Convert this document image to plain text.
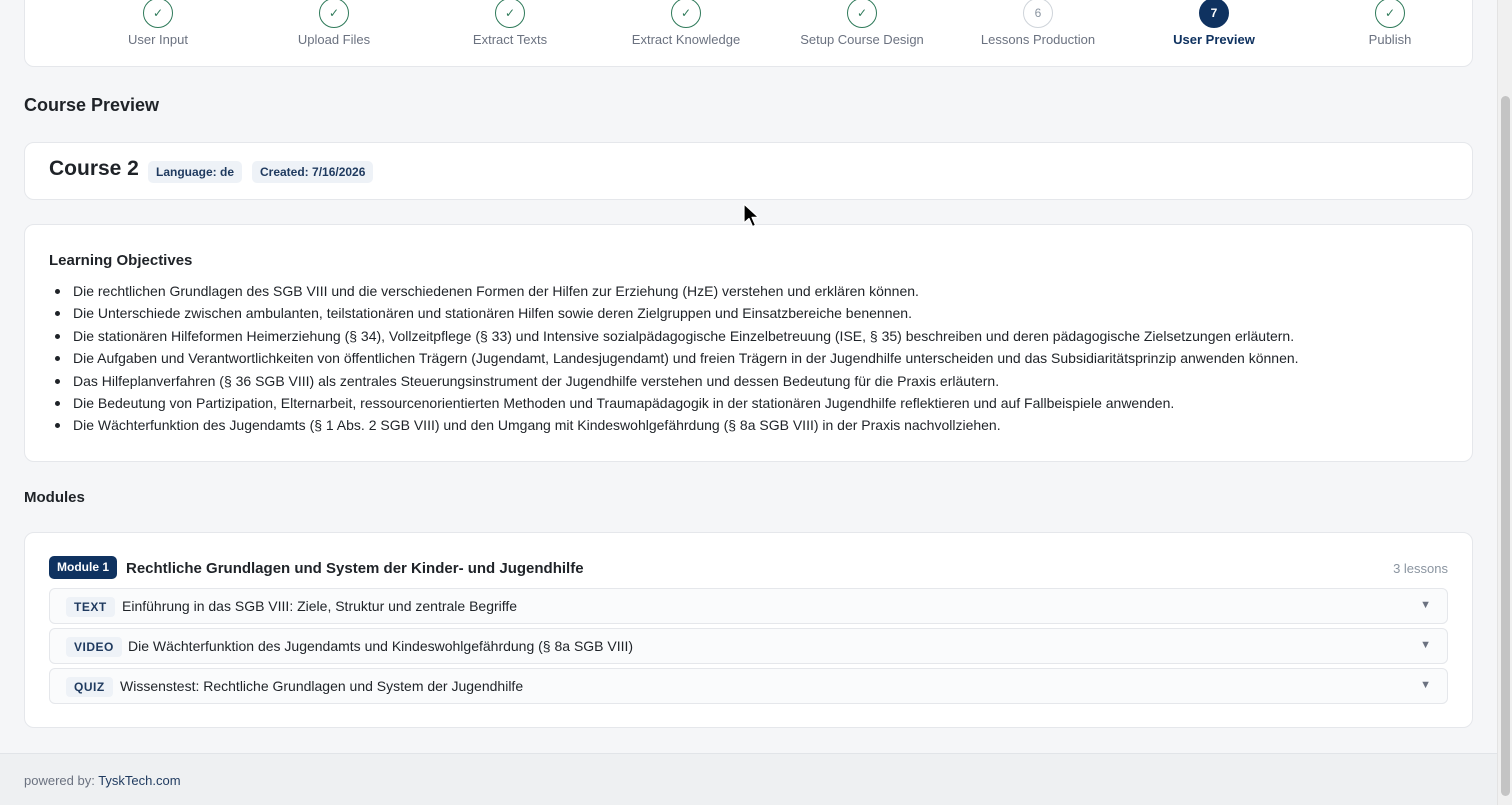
✓
User Input
✓
Upload Files
✓
Extract Texts
✓
Extract Knowledge
✓
Setup Course Design
6
Lessons Production
7
User Preview
✓
Publish
Course Preview
Course 2	Language: de	Created: 7/16/2026
Learning Objectives
Die rechtlichen Grundlagen des SGB VIII und die verschiedenen Formen der Hilfen zur Erziehung (HzE) verstehen und erklären können.
Die Unterschiede zwischen ambulanten, teilstationären und stationären Hilfen sowie deren Zielgruppen und Einsatzbereiche benennen.
Die stationären Hilfeformen Heimerziehung (§ 34), Vollzeitpflege (§ 33) und Intensive sozialpädagogische Einzelbetreuung (ISE, § 35) beschreiben und deren pädagogische Zielsetzungen erläutern.
Die Aufgaben und Verantwortlichkeiten von öffentlichen Trägern (Jugendamt, Landesjugendamt) und freien Trägern in der Jugendhilfe unterscheiden und das Subsidiaritätsprinzip anwenden können.
Das Hilfeplanverfahren (§ 36 SGB VIII) als zentrales Steuerungsinstrument der Jugendhilfe verstehen und dessen Bedeutung für die Praxis erläutern.
Die Bedeutung von Partizipation, Elternarbeit, ressourcenorientierten Methoden und Traumapädagogik in der stationären Jugendhilfe reflektieren und auf Fallbeispiele anwenden.
Die Wächterfunktion des Jugendamts (§ 1 Abs. 2 SGB VIII) und den Umgang mit Kindeswohlgefährdung (§ 8a SGB VIII) in der Praxis nachvollziehen.
Modules
Module 1	Rechtliche Grundlagen und System der Kinder- und Jugendhilfe	3 lessons
TEXT	Einführung in das SGB VIII: Ziele, Struktur und zentrale Begriffe	▼
VIDEO	Die Wächterfunktion des Jugendamts und Kindeswohlgefährdung (§ 8a SGB VIII)	▼
QUIZ	Wissenstest: Rechtliche Grundlagen und System der Jugendhilfe	▼
powered by: TyskTech.com
